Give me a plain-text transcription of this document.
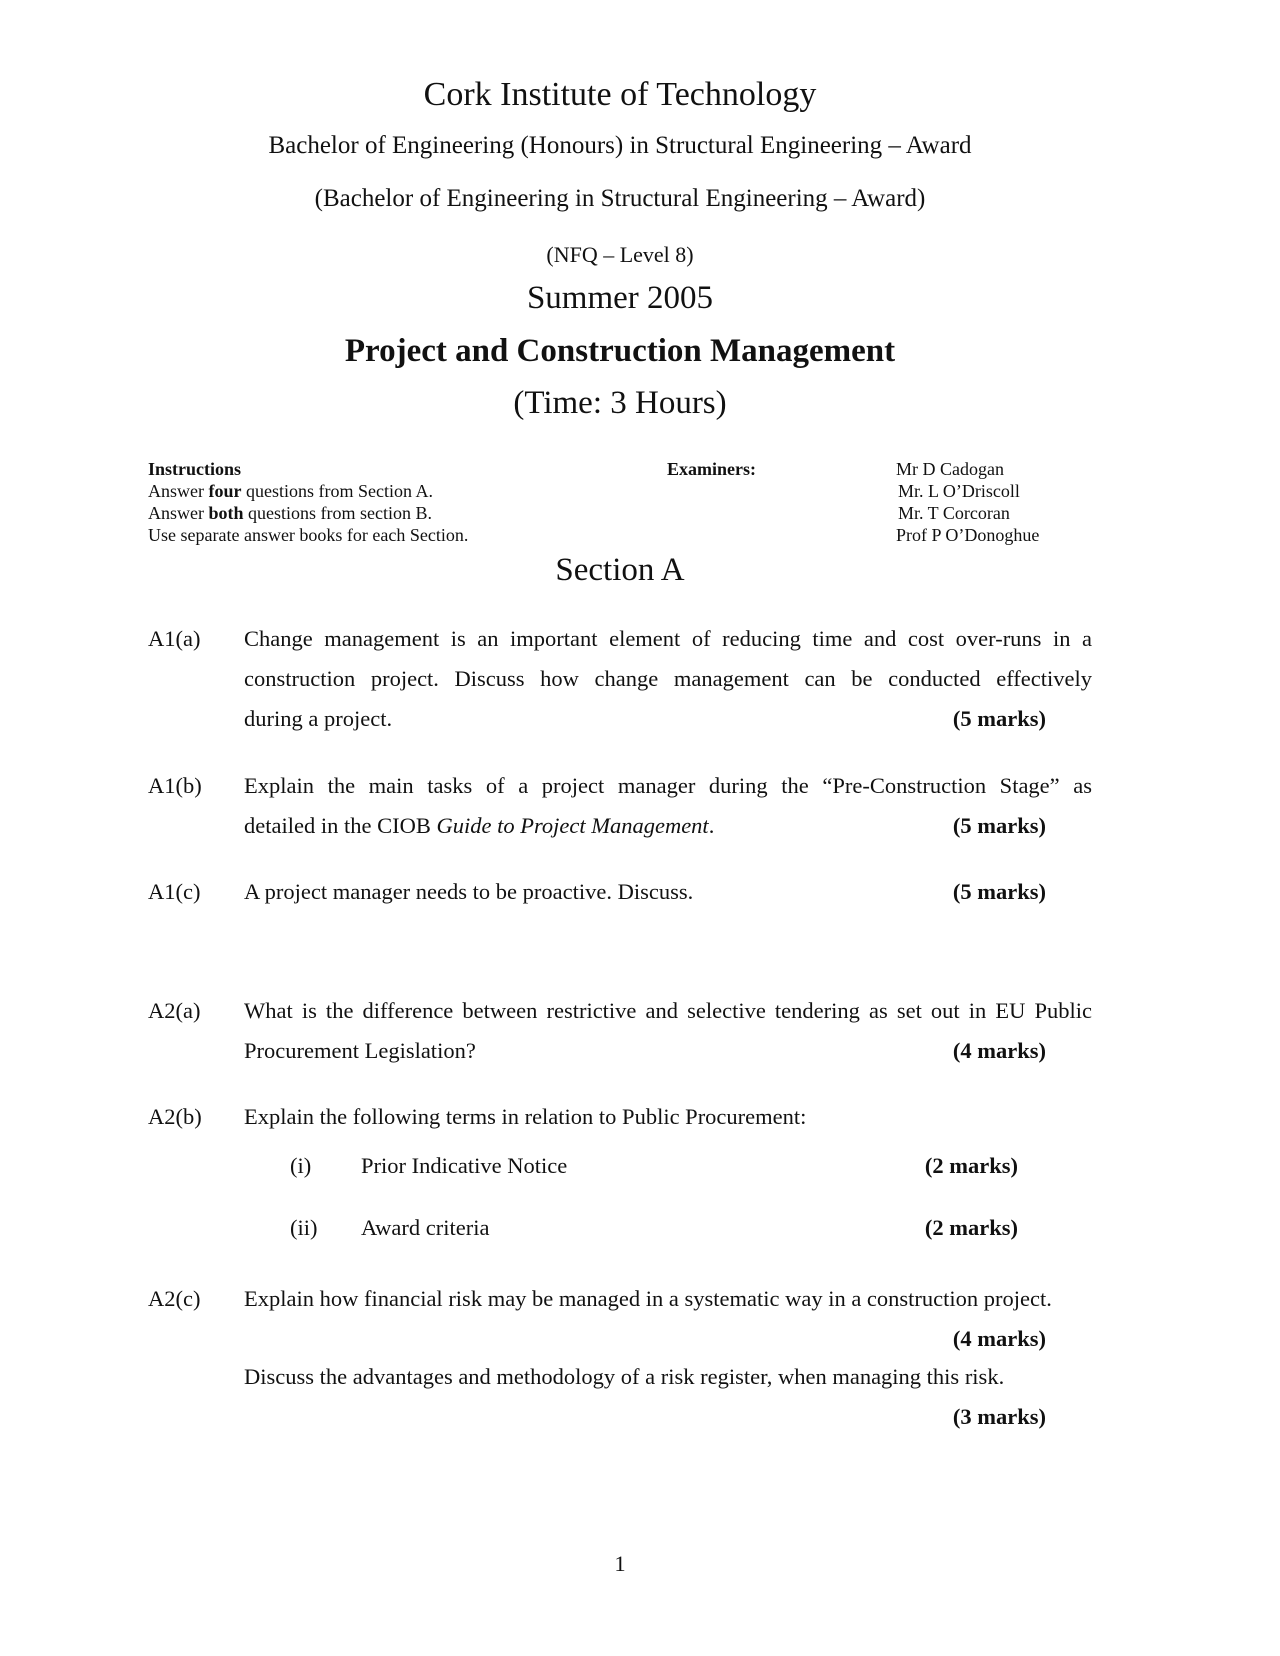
Cork Institute of Technology
Bachelor of Engineering (Honours) in Structural Engineering – Award
(Bachelor of Engineering in Structural Engineering – Award)
(NFQ – Level 8)
Summer 2005
Project and Construction Management
(Time: 3 Hours)
Instructions
Answer four questions from Section A.
Answer both questions from section B.
Use separate answer books for each Section.
Examiners:	Mr D Cadogan
Mr. L O’Driscoll
Mr. T Corcoran
Prof P O’Donoghue
Section A
A1(a) Change management is an important element of reducing time and cost over-runs in a
construction project. Discuss how change management can be conducted effectively
during a project.	(5 marks)
A1(b) Explain the main tasks of a project manager during the “Pre-Construction Stage” as
detailed in the CIOB Guide to Project Management.	(5 marks)
A1(c) A project manager needs to be proactive. Discuss.	(5 marks)
A2(a) What is the difference between restrictive and selective tendering as set out in EU Public
Procurement Legislation?	(4 marks)
A2(b) Explain the following terms in relation to Public Procurement:
(i) Prior Indicative Notice	(2 marks)
(ii) Award criteria	(2 marks)
A2(c) Explain how financial risk may be managed in a systematic way in a construction project.
(4 marks)
Discuss the advantages and methodology of a risk register, when managing this risk.
(3 marks)
1
